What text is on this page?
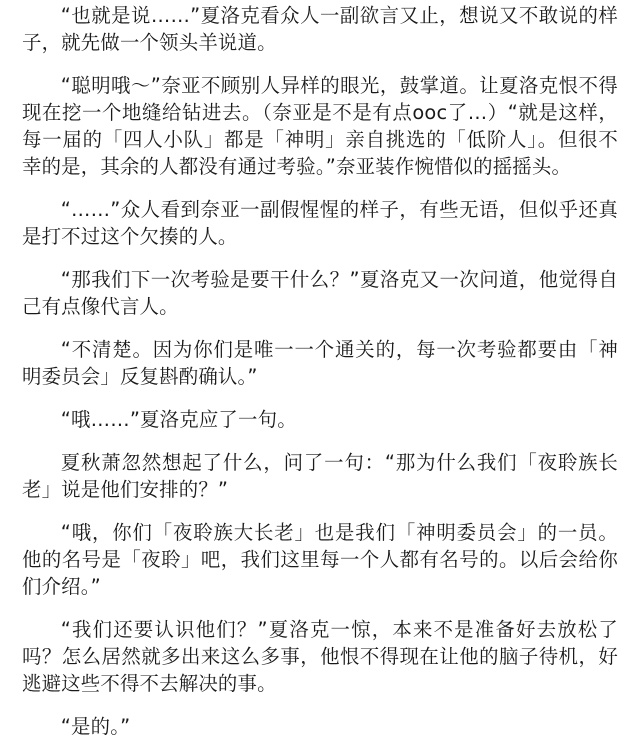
“也就是说……”夏洛克看众人一副欲言又止，想说又不敢说的样子，就先做一个领头羊说道。

“聪明哦～”奈亚不顾别人异样的眼光，鼓掌道。让夏洛克恨不得现在挖一个地缝给钻进去。（奈亚是不是有点ooc了…）“就是这样，每一届的「四人小队」都是「神明」亲自挑选的「低阶人」。但很不幸的是，其余的人都没有通过考验。”奈亚装作惋惜似的摇摇头。

“……”众人看到奈亚一副假惺惺的样子，有些无语，但似乎还真是打不过这个欠揍的人。

“那我们下一次考验是要干什么？”夏洛克又一次问道，他觉得自己有点像代言人。

“不清楚。因为你们是唯一一个通关的，每一次考验都要由「神明委员会」反复斟酌确认。”

“哦……”夏洛克应了一句。

夏秋萧忽然想起了什么，问了一句：“那为什么我们「夜聆族长老」说是他们安排的？”

“哦，你们「夜聆族大长老」也是我们「神明委员会」的一员。他的名号是「夜聆」吧，我们这里每一个人都有名号的。以后会给你们介绍。”

“我们还要认识他们？”夏洛克一惊，本来不是准备好去放松了吗？怎么居然就多出来这么多事，他恨不得现在让他的脑子待机，好逃避这些不得不去解决的事。

“是的。”
